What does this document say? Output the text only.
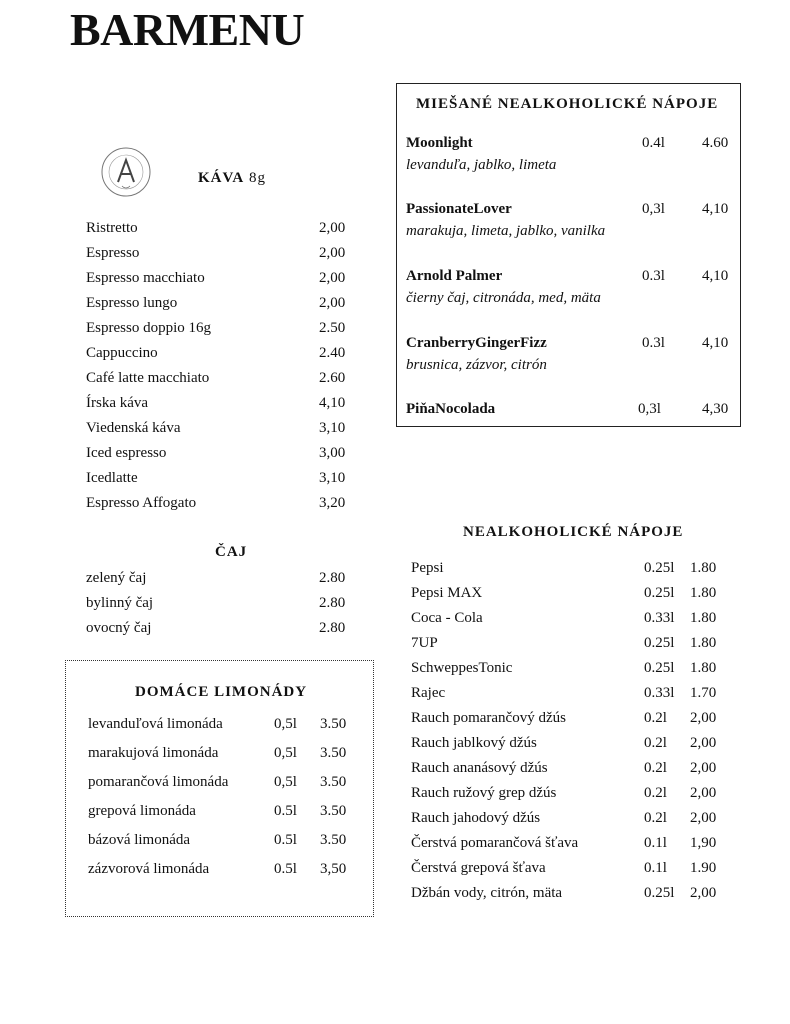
BARMENU
KÁVA 8g
Ristretto	2,00
Espresso	2,00
Espresso macchiato	2,00
Espresso lungo	2,00
Espresso doppio 16g	2.50
Cappuccino	2.40
Café latte macchiato	2.60
Írska káva	4,10
Viedenská káva	3,10
Iced espresso	3,00
Icedlatte	3,10
Espresso Affogato	3,20
ČAJ
zelený čaj	2.80
bylinný čaj	2.80
ovocný čaj	2.80
DOMÁCE LIMONÁDY
levanduľová limonáda	0,5l 3.50
marakujová limonáda	0,5l 3.50
pomarančová limonáda	0,5l 3.50
grepová limonáda	0.5l 3.50
bázová limonáda	0.5l 3.50
zázvorová limonáda	0.5l 3,50
MIEŠANÉ NEALKOHOLICKÉ NÁPOJE
Moonlight	0.4l 4.60
levanduľa, jablko, limeta
PassionateLover	0,3l 4,10
marakuja, limeta, jablko, vanilka
Arnold Palmer	0.3l 4,10
čierny čaj, citronáda, med, mäta
CranberryGingerFizz	0.3l 4,10
brusnica, zázvor, citrón
PiňaNocolada	0,3l	4,30
NEALKOHOLICKÉ NÁPOJE
Pepsi	0.25l 1.80
Pepsi MAX	0.25l 1.80
Coca - Cola	0.33l 1.80
7UP	0.25l 1.80
SchweppesTonic	0.25l 1.80
Rajec	0.33l 1.70
Rauch pomarančový džús	0.2l 2,00
Rauch jablkový džús	0.2l 2,00
Rauch ananásový džús	0.2l 2,00
Rauch ružový grep džús	0.2l 2,00
Rauch jahodový džús	0.2l 2,00
Čerstvá pomarančová šťava	0.1l 1,90
Čerstvá grepová šťava	0.1l 1.90
Džbán vody, citrón, mäta	0.25l 2,00
